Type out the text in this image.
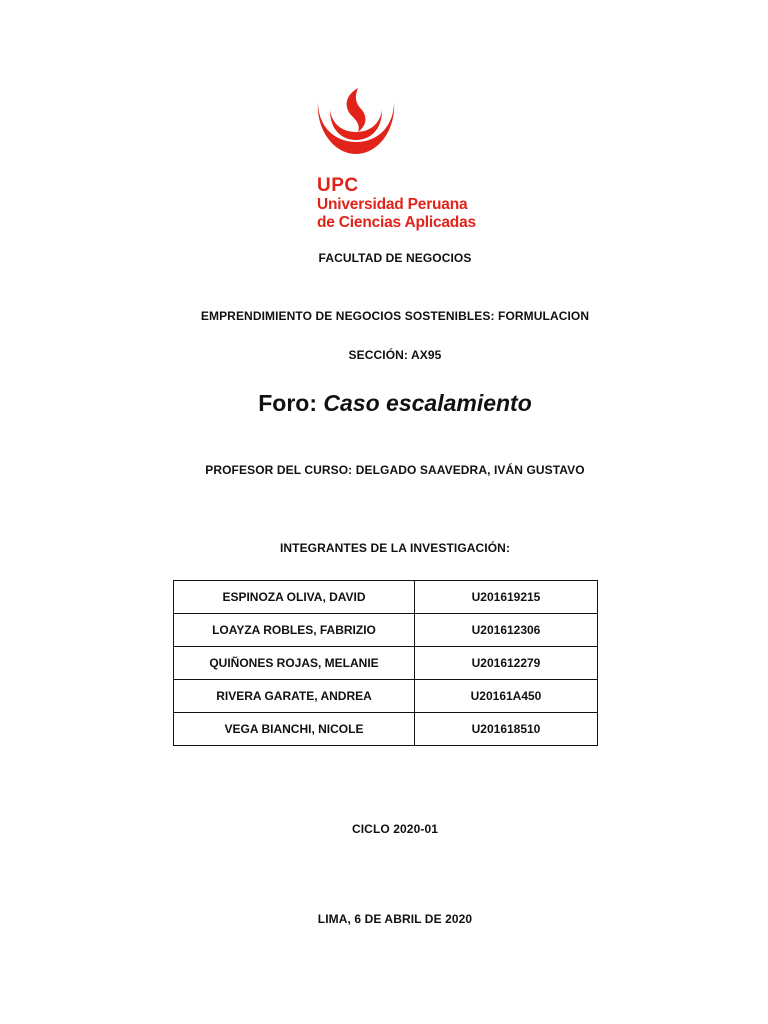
UPC
Universidad Peruana
de Ciencias Aplicadas
FACULTAD DE NEGOCIOS
EMPRENDIMIENTO DE NEGOCIOS SOSTENIBLES: FORMULACION
SECCIÓN: AX95
Foro: Caso escalamiento
PROFESOR DEL CURSO: DELGADO SAAVEDRA, IVÁN GUSTAVO
INTEGRANTES DE LA INVESTIGACIÓN:
ESPINOZA OLIVA, DAVID	U201619215
LOAYZA ROBLES, FABRIZIO	U201612306
QUIÑONES ROJAS, MELANIE	U201612279
RIVERA GARATE, ANDREA	U20161A450
VEGA BIANCHI, NICOLE	U201618510
CICLO 2020-01
LIMA, 6 DE ABRIL DE 2020
